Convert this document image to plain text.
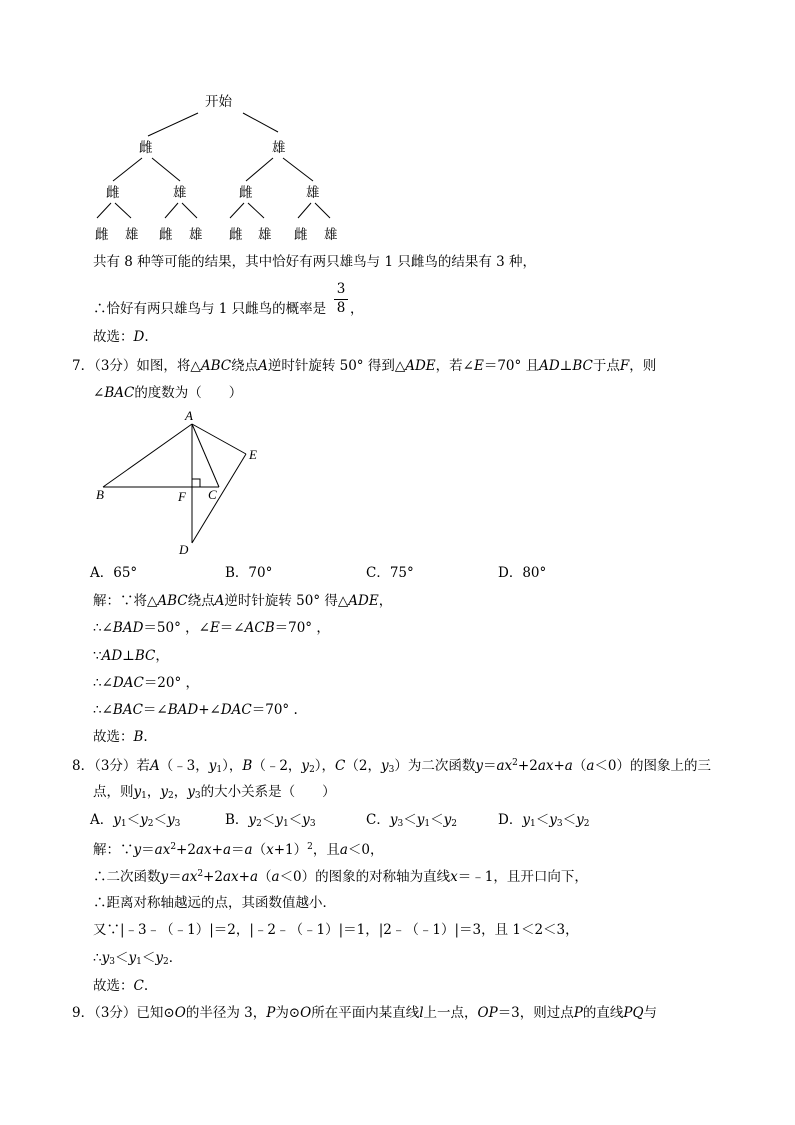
开始
雌	雄
雌	雄	雌	雄
雌 雄 雌 雄 雌 雄 雌 雄
共有 8 种等可能的结果，其中恰好有两只雄鸟与 1 只雌鸟的结果有 3 种，
∴恰好有两只雄鸟与 1 只雌鸟的概率是 $\frac{3}{8}$ ，
故选：D.
7．（3分）如图，将△ABC绕点A逆时针旋转 50° 得到△ADE，若∠E＝70° 且AD⊥BC于点F，则
∠BAC的度数为（　　）
A
B	C
D
E
F
A．65°	B．70°	C．75°	D．80°
解：∵将△ABC绕点A逆时针旋转 50° 得△ADE，
∴∠BAD＝50° ，∠E＝∠ACB＝70° ，
∵AD⊥BC，
∴∠DAC＝20° ，
∴∠BAC＝∠BAD+∠DAC＝70° .
故选：B.
8．（3分）若A（﹣3，$y_1$），B（﹣2，$y_2$），C（2，$y_3$）为二次函数$y=ax^2+2ax+a(a<0)$的图象上的三
点，则$y_1$，$y_2$，$y_3$的大小关系是（　　）
A．$y_1<y_2<y_3$	B．$y_2<y_1<y_3$	C．$y_3<y_1<y_2$	D．$y_1<y_3<y_2$
解：$\because y=ax^2+2ax+a=a(x+1)^2$，且a＜0，
∴二次函数$y=ax^2+2ax+a(a<0)$的图象的对称轴为直线x＝﹣1，且开口向下，
∴距离对称轴越远的点，其函数值越小．
又∵|﹣3﹣（﹣1）|＝2，|﹣2﹣（﹣1）|＝1，|2﹣（﹣1）|＝3，且 1＜2＜3，
$\therefore y_3<y_1<y_2$．
故选：C.
9．（3分）已知⊙O的半径为 3，P为⊙O所在平面内某直线l上一点，OP＝3，则过点P的直线PQ与
